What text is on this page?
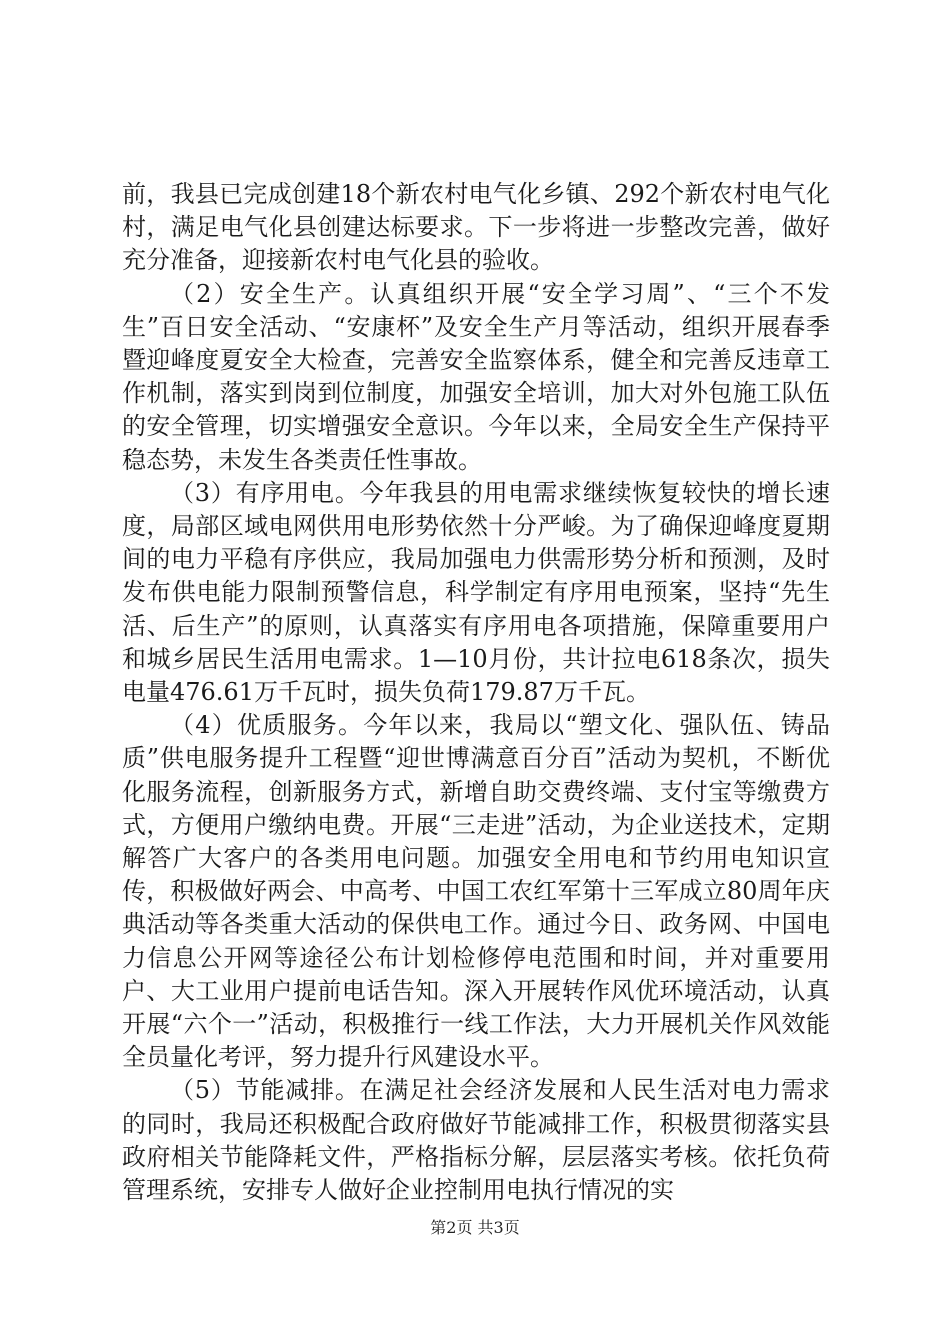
前，我县已完成创建18个新农村电气化乡镇、292个新农村电气化村，满足电气化县创建达标要求。下一步将进一步整改完善，做好充分准备，迎接新农村电气化县的验收。

（2）安全生产。认真组织开展“安全学习周”、“三个不发生”百日安全活动、“安康杯”及安全生产月等活动，组织开展春季暨迎峰度夏安全大检查，完善安全监察体系，健全和完善反违章工作机制，落实到岗到位制度，加强安全培训，加大对外包施工队伍的安全管理，切实增强安全意识。今年以来，全局安全生产保持平稳态势，未发生各类责任性事故。

（3）有序用电。今年我县的用电需求继续恢复较快的增长速度，局部区域电网供用电形势依然十分严峻。为了确保迎峰度夏期间的电力平稳有序供应，我局加强电力供需形势分析和预测，及时发布供电能力限制预警信息，科学制定有序用电预案，坚持“先生活、后生产”的原则，认真落实有序用电各项措施，保障重要用户和城乡居民生活用电需求。1—10月份，共计拉电618条次，损失电量476.61万千瓦时，损失负荷179.87万千瓦。

（4）优质服务。今年以来，我局以“塑文化、强队伍、铸品质”供电服务提升工程暨“迎世博满意百分百”活动为契机，不断优化服务流程，创新服务方式，新增自助交费终端、支付宝等缴费方式，方便用户缴纳电费。开展“三走进”活动，为企业送技术，定期解答广大客户的各类用电问题。加强安全用电和节约用电知识宣传，积极做好两会、中高考、中国工农红军第十三军成立80周年庆典活动等各类重大活动的保供电工作。通过今日、政务网、中国电力信息公开网等途径公布计划检修停电范围和时间，并对重要用户、大工业用户提前电话告知。深入开展转作风优环境活动，认真开展“六个一”活动，积极推行一线工作法，大力开展机关作风效能全员量化考评，努力提升行风建设水平。

（5）节能减排。在满足社会经济发展和人民生活对电力需求的同时，我局还积极配合政府做好节能减排工作，积极贯彻落实县政府相关节能降耗文件，严格指标分解，层层落实考核。依托负荷管理系统，安排专人做好企业控制用电执行情况的实

第2页 共3页
